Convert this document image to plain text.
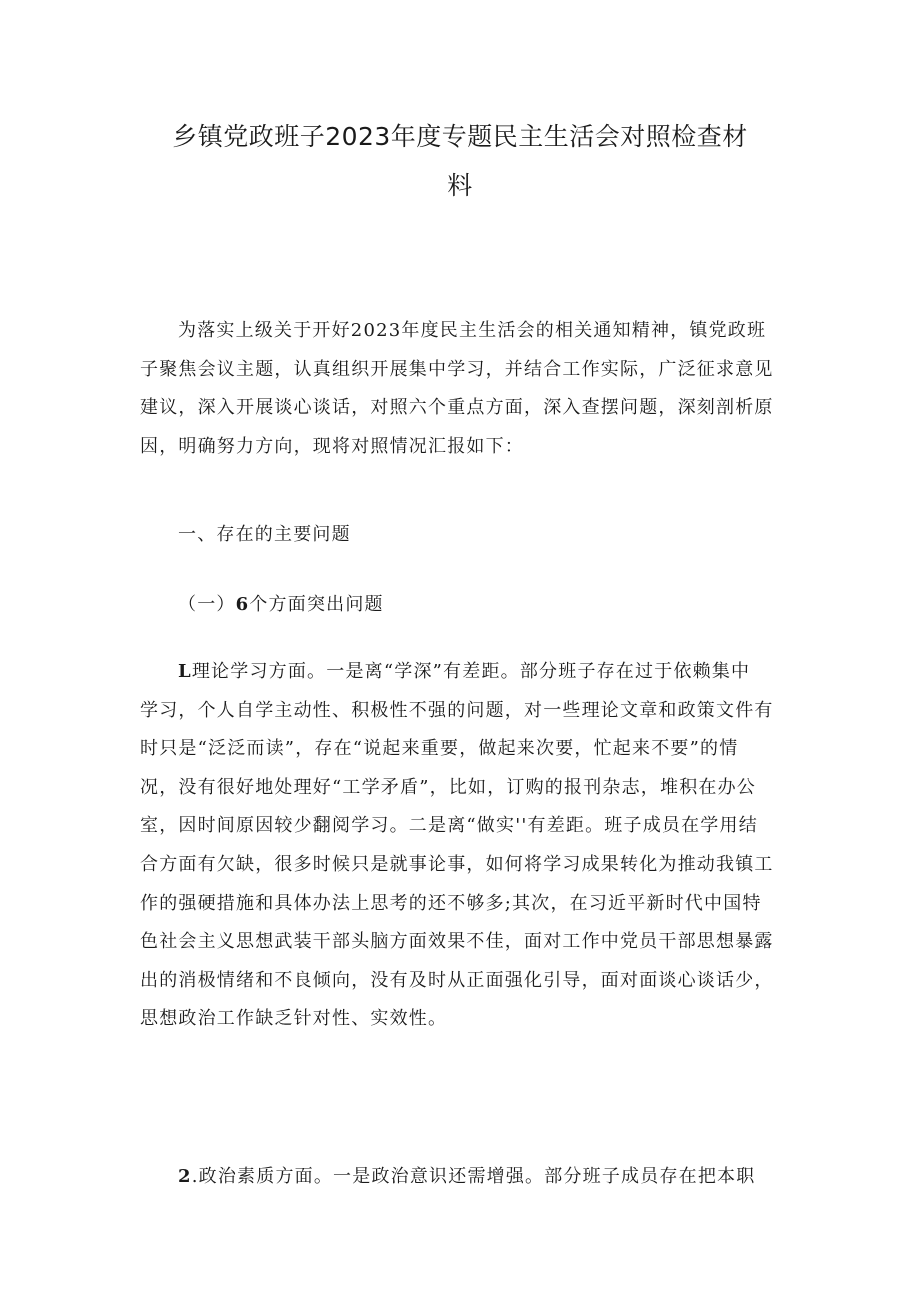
乡镇党政班子2023年度专题民主生活会对照检查材
料
为落实上级关于开好2023年度民主生活会的相关通知精神，镇党政班
子聚焦会议主题，认真组织开展集中学习，并结合工作实际，广泛征求意见
建议，深入开展谈心谈话，对照六个重点方面，深入查摆问题，深刻剖析原
因，明确努力方向，现将对照情况汇报如下：
一、存在的主要问题
（一）6个方面突出问题
L理论学习方面。一是离“学深”有差距。部分班子存在过于依赖集中
学习，个人自学主动性、积极性不强的问题，对一些理论文章和政策文件有
时只是“泛泛而读”，存在“说起来重要，做起来次要，忙起来不要”的情
况，没有很好地处理好“工学矛盾”，比如，订购的报刊杂志，堆积在办公
室，因时间原因较少翻阅学习。二是离“做实''有差距。班子成员在学用结
合方面有欠缺，很多时候只是就事论事，如何将学习成果转化为推动我镇工
作的强硬措施和具体办法上思考的还不够多;其次，在习近平新时代中国特
色社会主义思想武装干部头脑方面效果不佳，面对工作中党员干部思想暴露
出的消极情绪和不良倾向，没有及时从正面强化引导，面对面谈心谈话少，
思想政治工作缺乏针对性、实效性。
2.政治素质方面。一是政治意识还需增强。部分班子成员存在把本职
